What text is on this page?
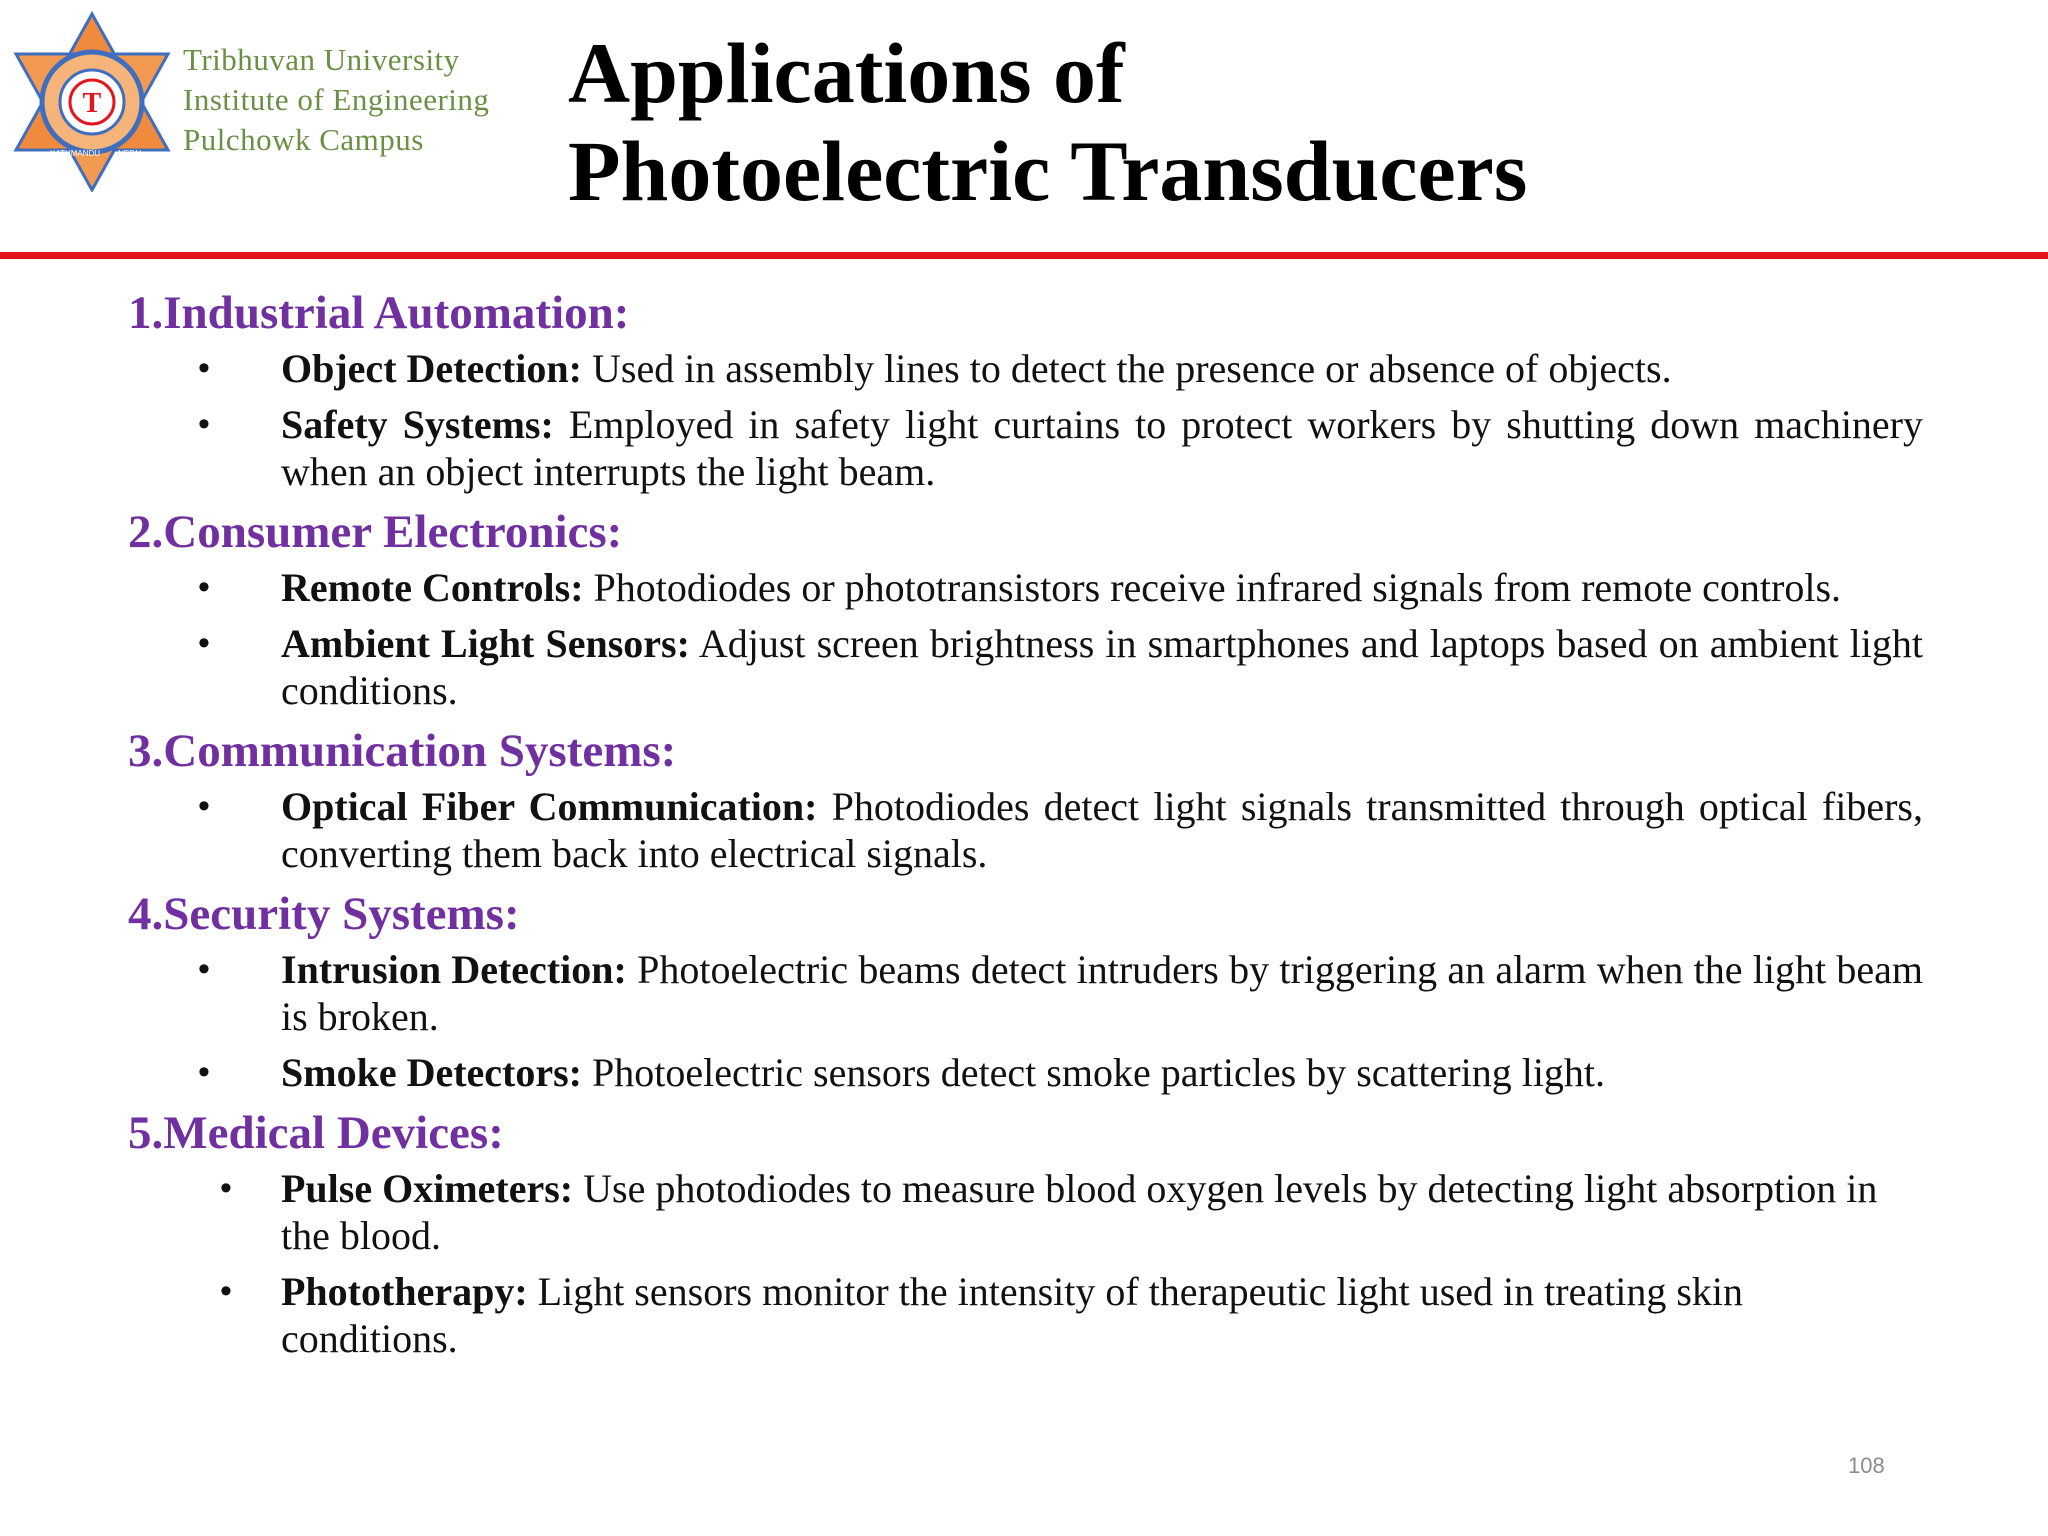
T
KATHMANDU NEPAL
Tribhuvan University
Institute of Engineering
Pulchowk Campus
Applications of
Photoelectric Transducers
1.Industrial Automation:
• Object Detection: Used in assembly lines to detect the presence or absence of objects.
• Safety Systems: Employed in safety light curtains to protect workers by shutting down machinery when an object interrupts the light beam.
2.Consumer Electronics:
• Remote Controls: Photodiodes or phototransistors receive infrared signals from remote controls.
• Ambient Light Sensors: Adjust screen brightness in smartphones and laptops based on ambient light conditions.
3.Communication Systems:
• Optical Fiber Communication: Photodiodes detect light signals transmitted through optical fibers, converting them back into electrical signals.
4.Security Systems:
• Intrusion Detection: Photoelectric beams detect intruders by triggering an alarm when the light beam is broken.
• Smoke Detectors: Photoelectric sensors detect smoke particles by scattering light.
5.Medical Devices:
• Pulse Oximeters: Use photodiodes to measure blood oxygen levels by detecting light absorption in the blood.
• Phototherapy: Light sensors monitor the intensity of therapeutic light used in treating skin conditions.
108
